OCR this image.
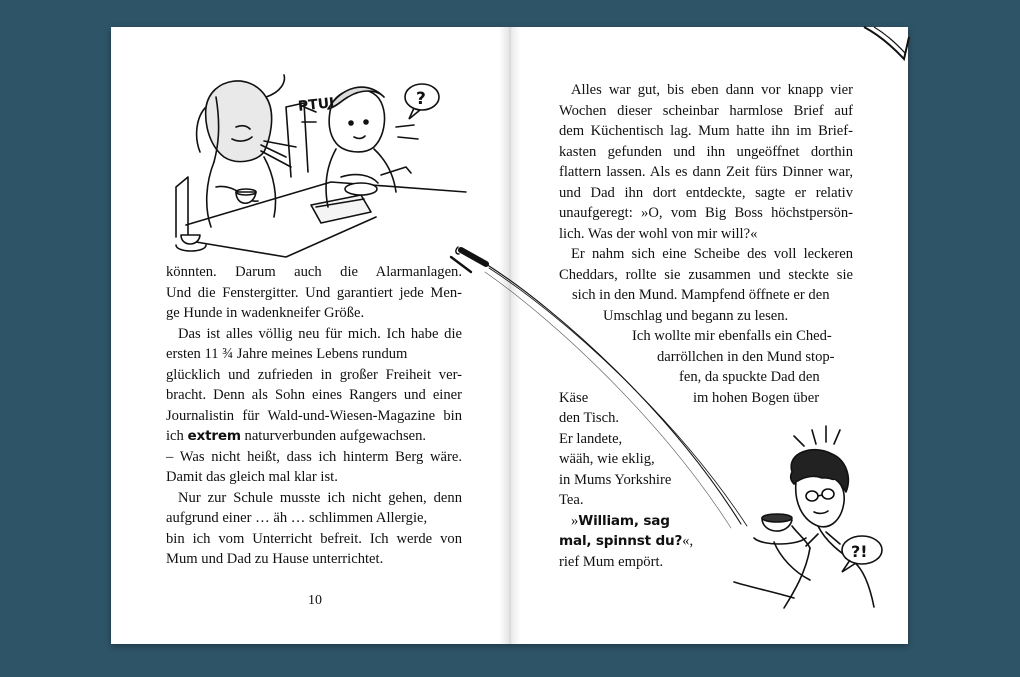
?
PTUI
könnten. Darum auch die Alarmanlagen.
Und die Fenstergitter. Und garantiert jede Men-
ge Hunde in wadenkneifer Größe.
Das ist alles völlig neu für mich. Ich habe die
ersten 11 ¾ Jahre meines Lebens rundum
glücklich und zufrieden in großer Freiheit ver-
bracht. Denn als Sohn eines Rangers und einer
Journalistin für Wald-und-Wiesen-Magazine bin
ich extrem naturverbunden aufgewachsen.
– Was nicht heißt, dass ich hinterm Berg wäre.
Damit das gleich mal klar ist.
Nur zur Schule musste ich nicht gehen, denn
aufgrund einer … äh … schlimmen Allergie,
bin ich vom Unterricht befreit. Ich werde von
Mum und Dad zu Hause unterrichtet.
10
Alles war gut, bis eben dann vor knapp vier
Wochen dieser scheinbar harmlose Brief auf
dem Küchentisch lag. Mum hatte ihn im Brief-
kasten gefunden und ihn ungeöffnet dorthin
flattern lassen. Als es dann Zeit fürs Dinner war,
und Dad ihn dort entdeckte, sagte er relativ
unaufgeregt: »O, vom Big Boss höchstpersön-
lich. Was der wohl von mir will?«
Er nahm sich eine Scheibe des voll leckeren
Cheddars, rollte sie zusammen und steckte sie
sich in den Mund. Mampfend öffnete er den
Umschlag und begann zu lesen.
Ich wollte mir ebenfalls ein Ched-
darröllchen in den Mund stop-
fen, da spuckte Dad den
Käse	im hohen Bogen über
den Tisch.
Er landete,
wääh, wie eklig,
in Mums Yorkshire
Tea.
»William, sag
mal, spinnst du?«,
rief Mum empört.
?!
